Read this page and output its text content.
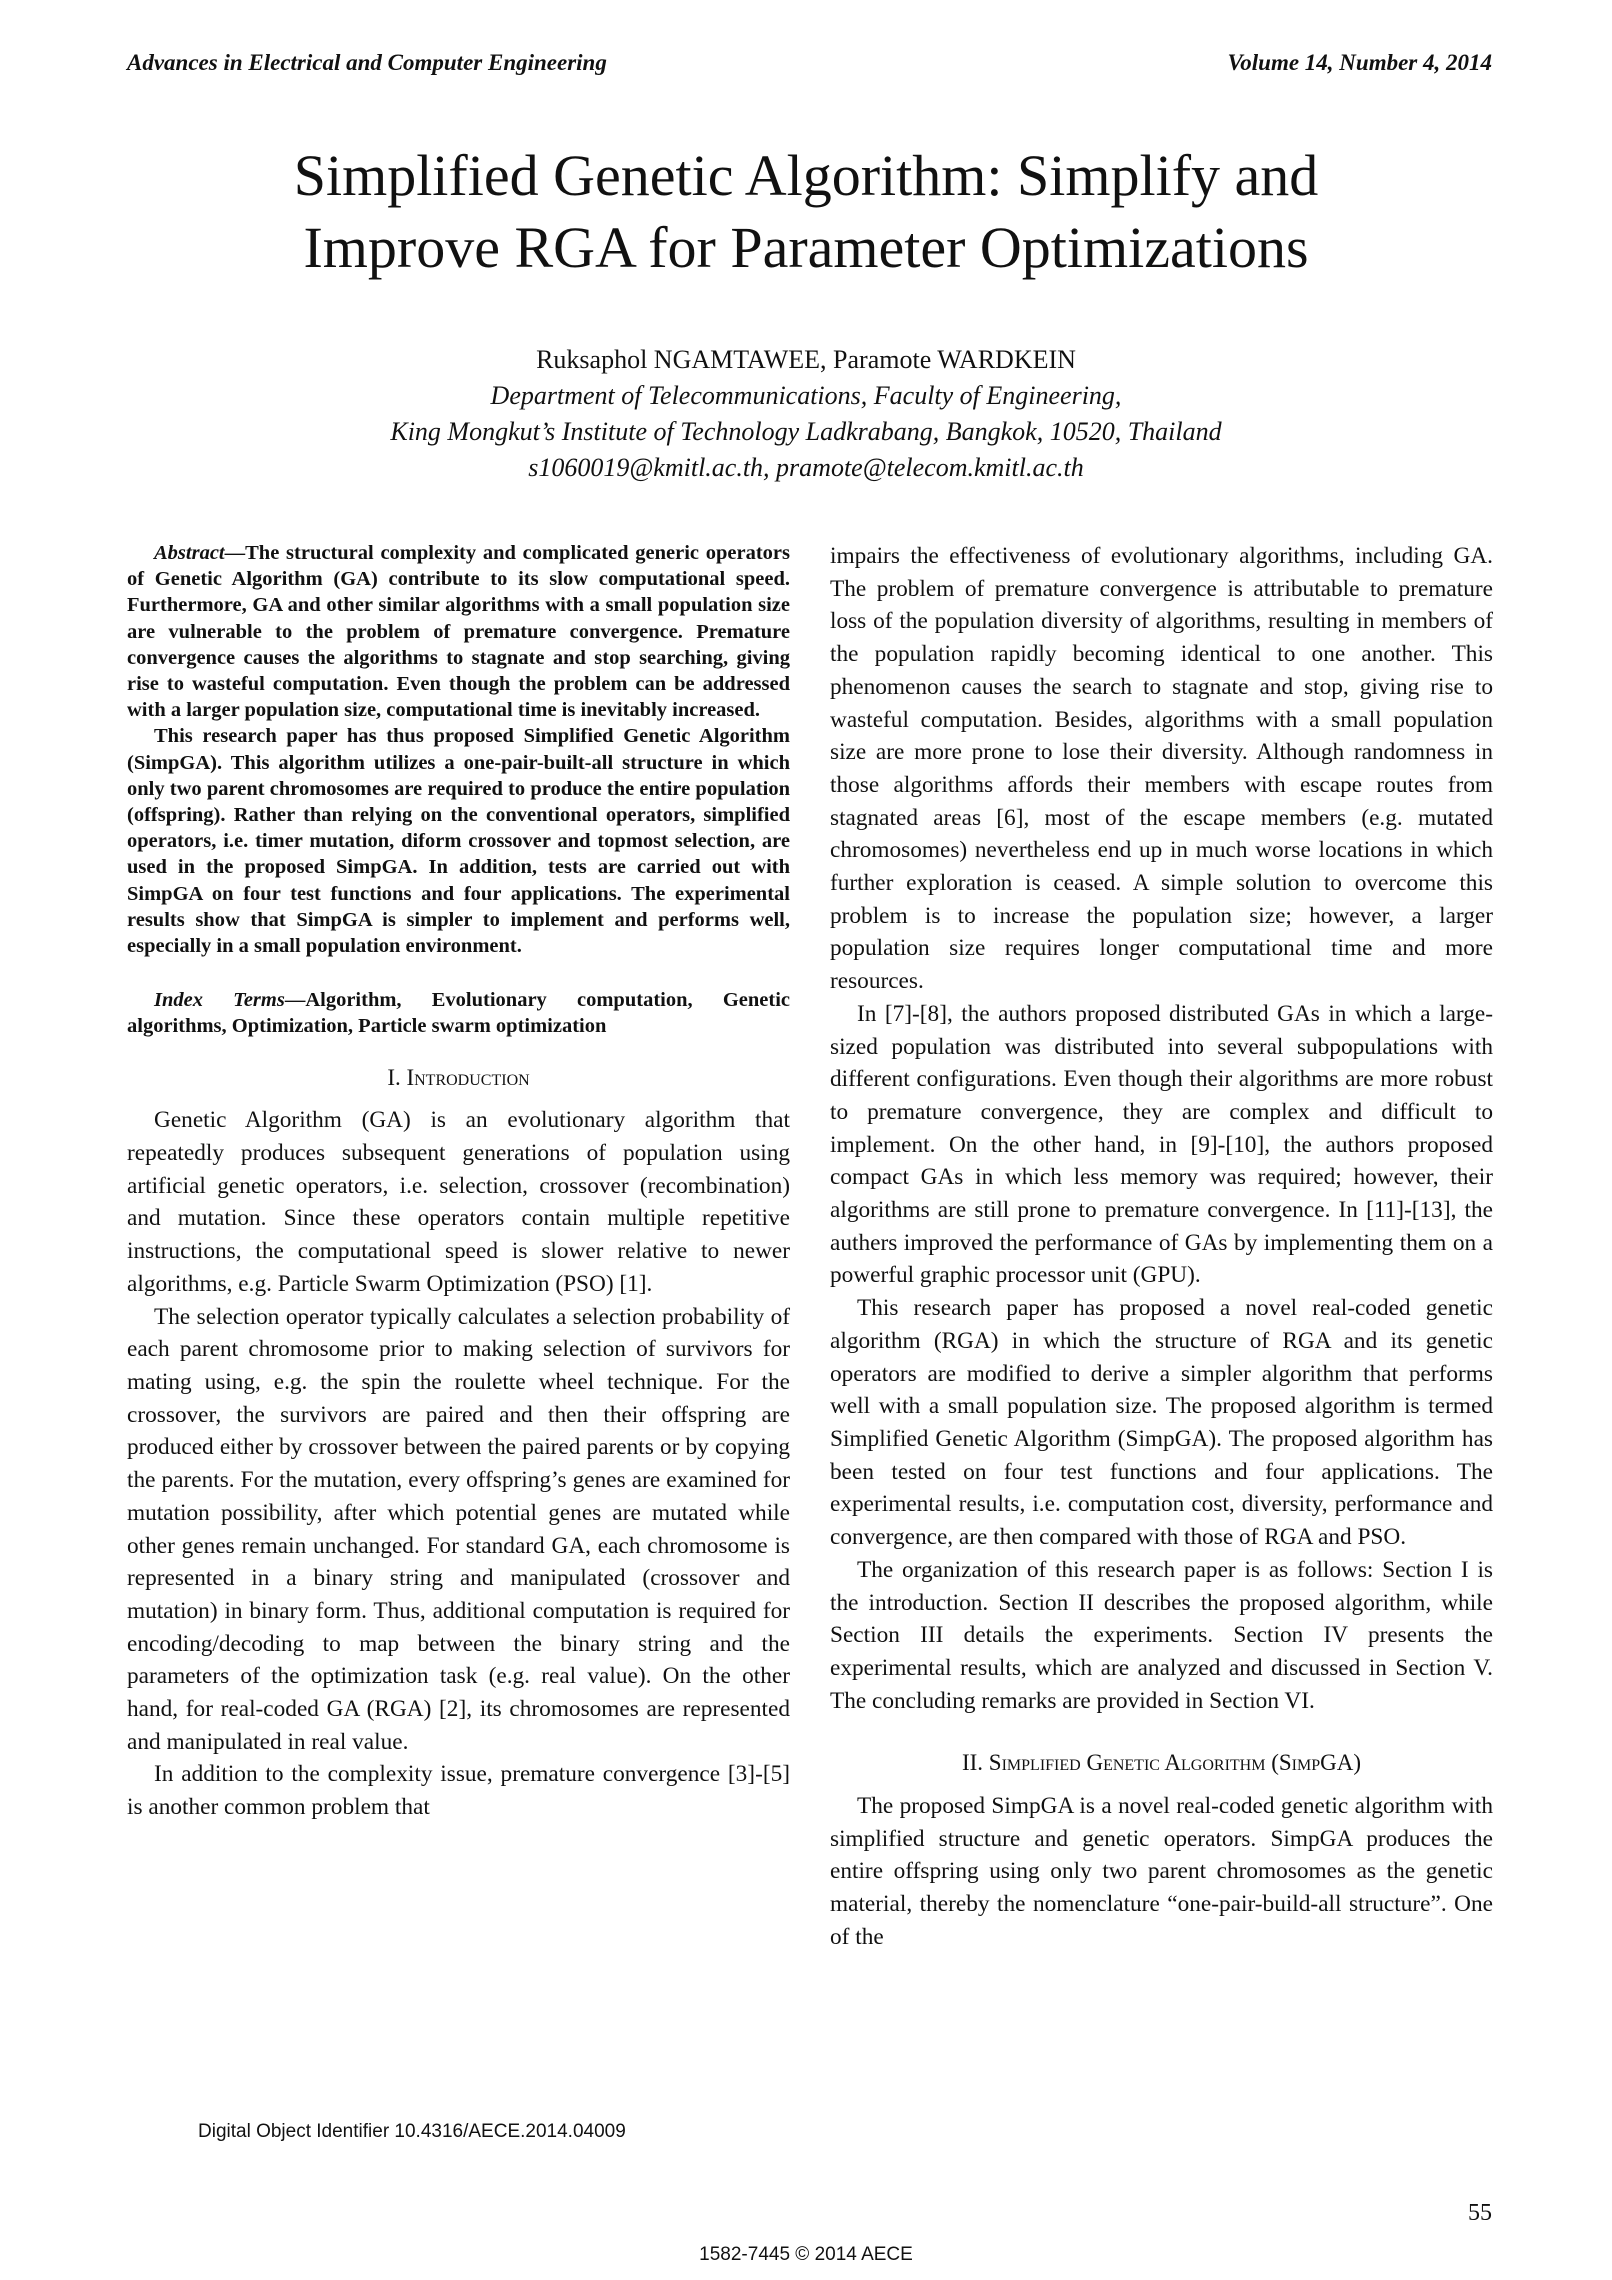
Advances in Electrical and Computer Engineering	Volume 14, Number 4, 2014
Simplified Genetic Algorithm: Simplify and
Improve RGA for Parameter Optimizations
Ruksaphol NGAMTAWEE, Paramote WARDKEIN
Department of Telecommunications, Faculty of Engineering,
King Mongkut’s Institute of Technology Ladkrabang, Bangkok, 10520, Thailand
s1060019@kmitl.ac.th, pramote@telecom.kmitl.ac.th

Abstract—The structural complexity and complicated generic operators of Genetic Algorithm (GA) contribute to its slow computational speed. Furthermore, GA and other similar algorithms with a small population size are vulnerable to the problem of premature convergence. Premature convergence causes the algorithms to stagnate and stop searching, giving rise to wasteful computation. Even though the problem can be addressed with a larger population size, computational time is inevitably increased.

This research paper has thus proposed Simplified Genetic Algorithm (SimpGA). This algorithm utilizes a one-pair-built-all structure in which only two parent chromosomes are required to produce the entire population (offspring). Rather than relying on the conventional operators, simplified operators, i.e. timer mutation, diform crossover and topmost selection, are used in the proposed SimpGA. In addition, tests are carried out with SimpGA on four test functions and four applications. The experimental results show that SimpGA is simpler to implement and performs well, especially in a small population environment.

Index Terms—Algorithm, Evolutionary computation, Genetic algorithms, Optimization, Particle swarm optimization

I. Introduction

Genetic Algorithm (GA) is an evolutionary algorithm that repeatedly produces subsequent generations of population using artificial genetic operators, i.e. selection, crossover (recombination) and mutation. Since these operators contain multiple repetitive instructions, the computational speed is slower relative to newer algorithms, e.g. Particle Swarm Optimization (PSO) [1].

The selection operator typically calculates a selection probability of each parent chromosome prior to making selection of survivors for mating using, e.g. the spin the roulette wheel technique. For the crossover, the survivors are paired and then their offspring are produced either by crossover between the paired parents or by copying the parents. For the mutation, every offspring’s genes are examined for mutation possibility, after which potential genes are mutated while other genes remain unchanged. For standard GA, each chromosome is represented in a binary string and manipulated (crossover and mutation) in binary form. Thus, additional computation is required for encoding/decoding to map between the binary string and the parameters of the optimization task (e.g. real value). On the other hand, for real-coded GA (RGA) [2], its chromosomes are represented and manipulated in real value.

In addition to the complexity issue, premature convergence [3]-[5] is another common problem that

impairs the effectiveness of evolutionary algorithms, including GA. The problem of premature convergence is attributable to premature loss of the population diversity of algorithms, resulting in members of the population rapidly becoming identical to one another. This phenomenon causes the search to stagnate and stop, giving rise to wasteful computation. Besides, algorithms with a small population size are more prone to lose their diversity. Although randomness in those algorithms affords their members with escape routes from stagnated areas [6], most of the escape members (e.g. mutated chromosomes) nevertheless end up in much worse locations in which further exploration is ceased. A simple solution to overcome this problem is to increase the population size; however, a larger population size requires longer computational time and more resources.

In [7]-[8], the authors proposed distributed GAs in which a large-sized population was distributed into several subpopulations with different configurations. Even though their algorithms are more robust to premature convergence, they are complex and difficult to implement. On the other hand, in [9]-[10], the authors proposed compact GAs in which less memory was required; however, their algorithms are still prone to premature convergence. In [11]-[13], the authers improved the performance of GAs by implementing them on a powerful graphic processor unit (GPU).

This research paper has proposed a novel real-coded genetic algorithm (RGA) in which the structure of RGA and its genetic operators are modified to derive a simpler algorithm that performs well with a small population size. The proposed algorithm is termed Simplified Genetic Algorithm (SimpGA). The proposed algorithm has been tested on four test functions and four applications. The experimental results, i.e. computation cost, diversity, performance and convergence, are then compared with those of RGA and PSO.

The organization of this research paper is as follows: Section I is the introduction. Section II describes the proposed algorithm, while Section III details the experiments. Section IV presents the experimental results, which are analyzed and discussed in Section V. The concluding remarks are provided in Section VI.

II. Simplified Genetic Algorithm (SimpGA)

The proposed SimpGA is a novel real-coded genetic algorithm with simplified structure and genetic operators. SimpGA produces the entire offspring using only two parent chromosomes as the genetic material, thereby the nomenclature “one-pair-build-all structure”. One of the

Digital Object Identifier 10.4316/AECE.2014.04009
55
1582-7445 © 2014 AECE
